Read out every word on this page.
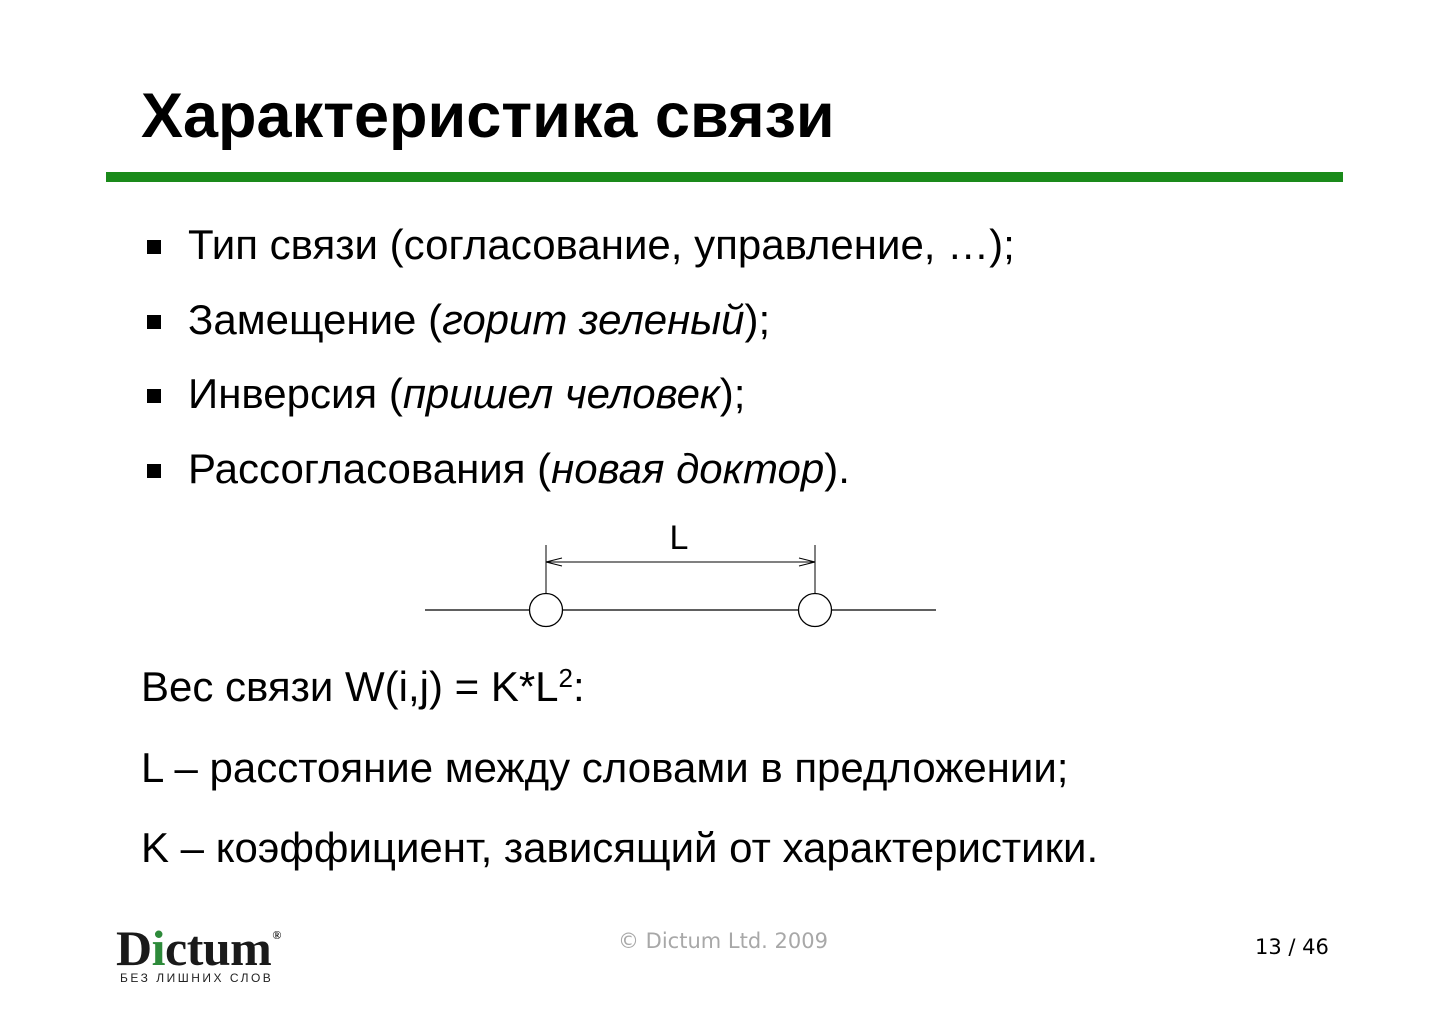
Характеристика связи
Тип связи (согласование, управление, …);
Замещение (горит зеленый);
Инверсия (пришел человек);
Рассогласования (новая доктор).
L
Вес связи $W(i,j) = K*L^2$:
L – расстояние между словами в предложении;
K – коэффициент, зависящий от характеристики.
Dictum®
БЕЗ ЛИШНИХ СЛОВ
© Dictum Ltd. 2009	13 / 46
